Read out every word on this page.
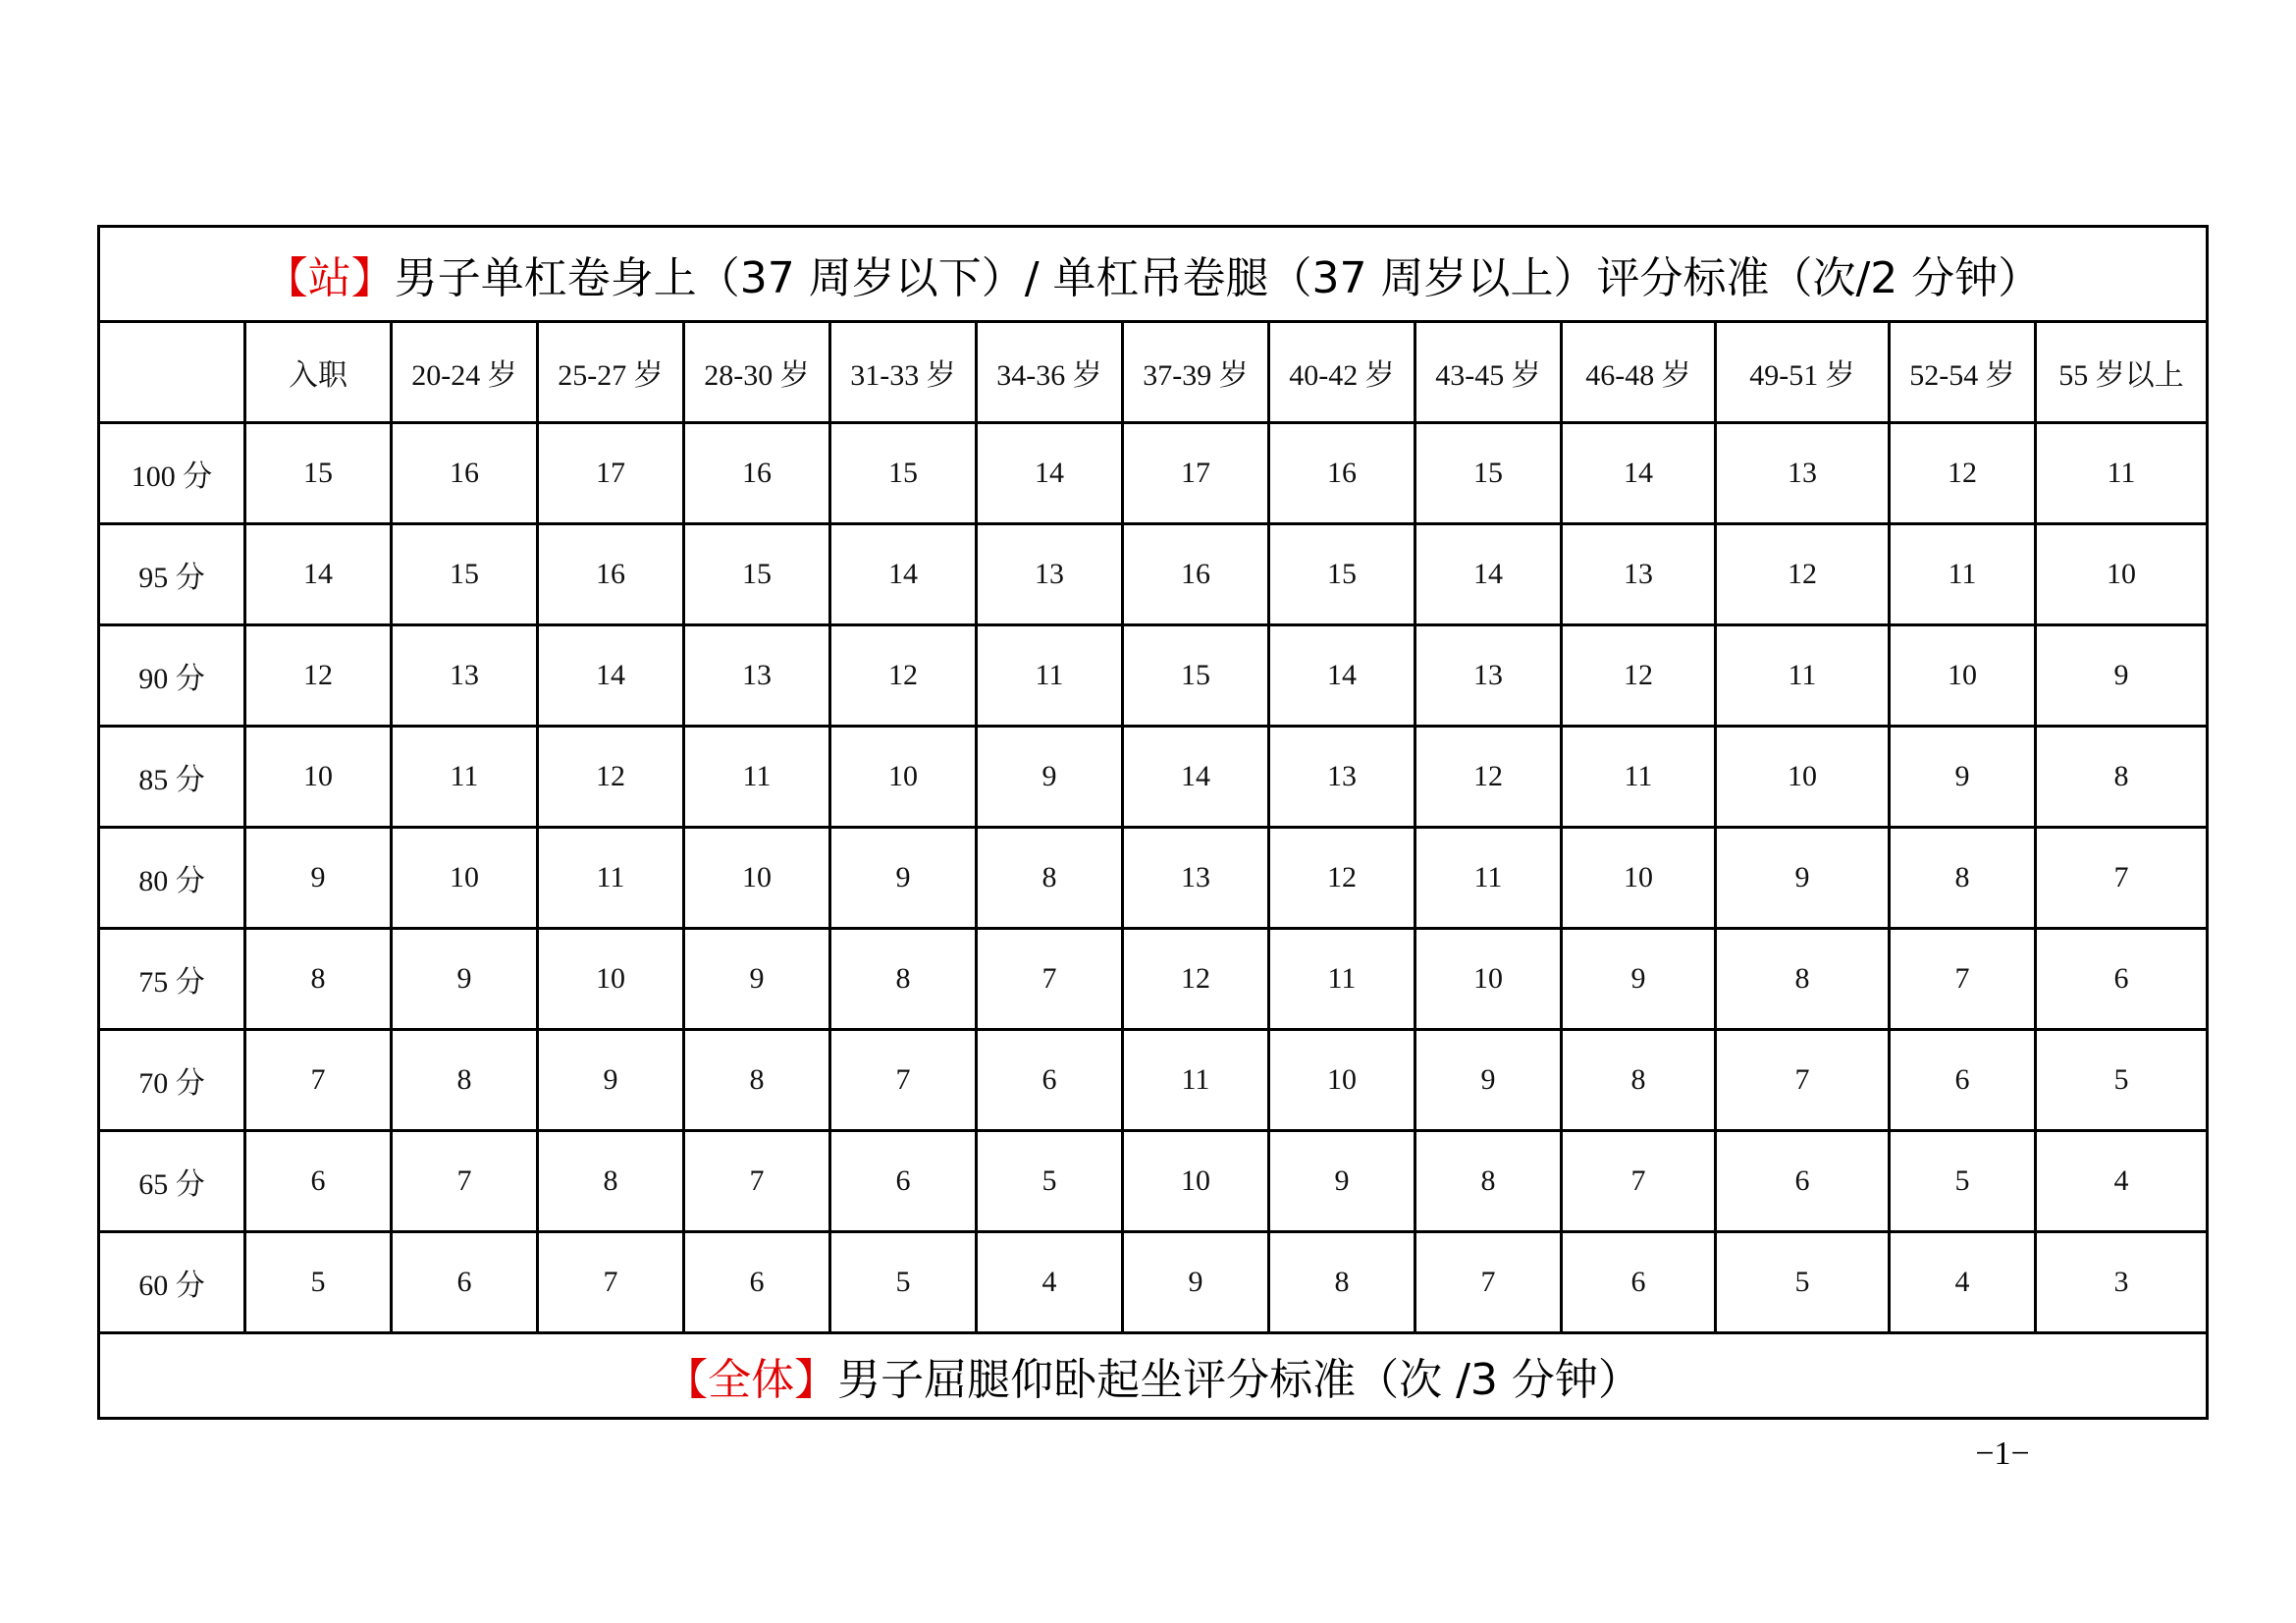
【站】男子单杠卷身上（37 周岁以下）/ 单杠吊卷腿（37 周岁以上）评分标准（次/2 分钟）													
	入职	20-24 岁	25-27 岁	28-30 岁	31-33 岁	34-36 岁	37-39 岁	40-42 岁	43-45 岁	46-48 岁	49-51 岁	52-54 岁	55 岁以上
100 分	15	16	17	16	15	14	17	16	15	14	13	12	11
95 分	14	15	16	15	14	13	16	15	14	13	12	11	10
90 分	12	13	14	13	12	11	15	14	13	12	11	10	9
85 分	10	11	12	11	10	9	14	13	12	11	10	9	8
80 分	9	10	11	10	9	8	13	12	11	10	9	8	7
75 分	8	9	10	9	8	7	12	11	10	9	8	7	6
70 分	7	8	9	8	7	6	11	10	9	8	7	6	5
65 分	6	7	8	7	6	5	10	9	8	7	6	5	4
60 分	5	6	7	6	5	4	9	8	7	6	5	4	3
【全体】男子屈腿仰卧起坐评分标准（次 /3 分钟）													
−1−
